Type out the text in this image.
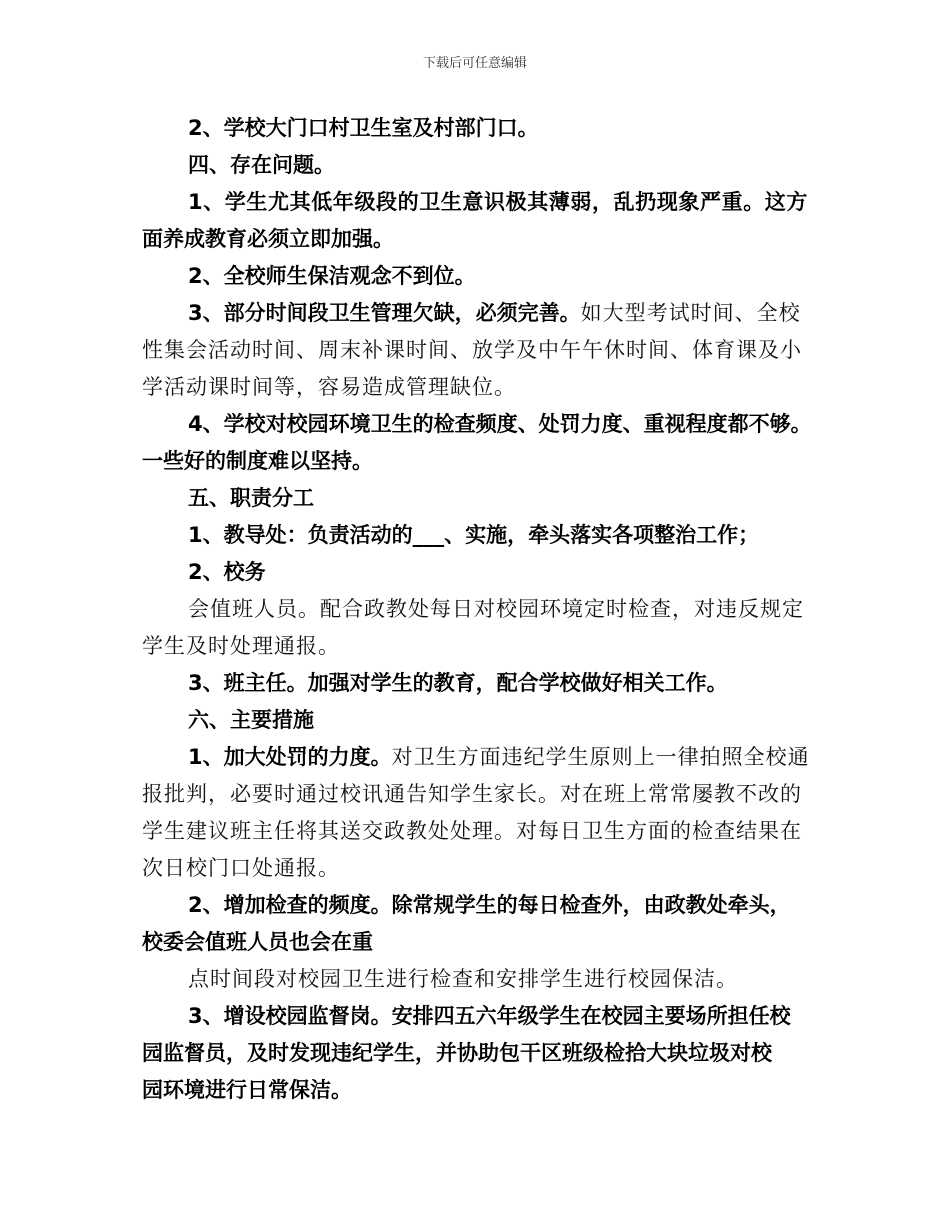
下载后可任意编辑
2、学校大门口村卫生室及村部门口。
四、存在问题。
1、学生尤其低年级段的卫生意识极其薄弱，乱扔现象严重。这方
面养成教育必须立即加强。
2、全校师生保洁观念不到位。
3、部分时间段卫生管理欠缺，必须完善。如大型考试时间、全校
性集会活动时间、周末补课时间、放学及中午午休时间、体育课及小
学活动课时间等，容易造成管理缺位。
4、学校对校园环境卫生的检查频度、处罚力度、重视程度都不够。
一些好的制度难以坚持。
五、职责分工
1、教导处：负责活动的___、实施，牵头落实各项整治工作；
2、校务
会值班人员。配合政教处每日对校园环境定时检查，对违反规定
学生及时处理通报。
3、班主任。加强对学生的教育，配合学校做好相关工作。
六、主要措施
1、加大处罚的力度。对卫生方面违纪学生原则上一律拍照全校通
报批判，必要时通过校讯通告知学生家长。对在班上常常屡教不改的
学生建议班主任将其送交政教处处理。对每日卫生方面的检查结果在
次日校门口处通报。
2、增加检查的频度。除常规学生的每日检查外，由政教处牵头，
校委会值班人员也会在重
点时间段对校园卫生进行检查和安排学生进行校园保洁。
3、增设校园监督岗。安排四五六年级学生在校园主要场所担任校
园监督员，及时发现违纪学生，并协助包干区班级检拾大块垃圾对校
园环境进行日常保洁。
